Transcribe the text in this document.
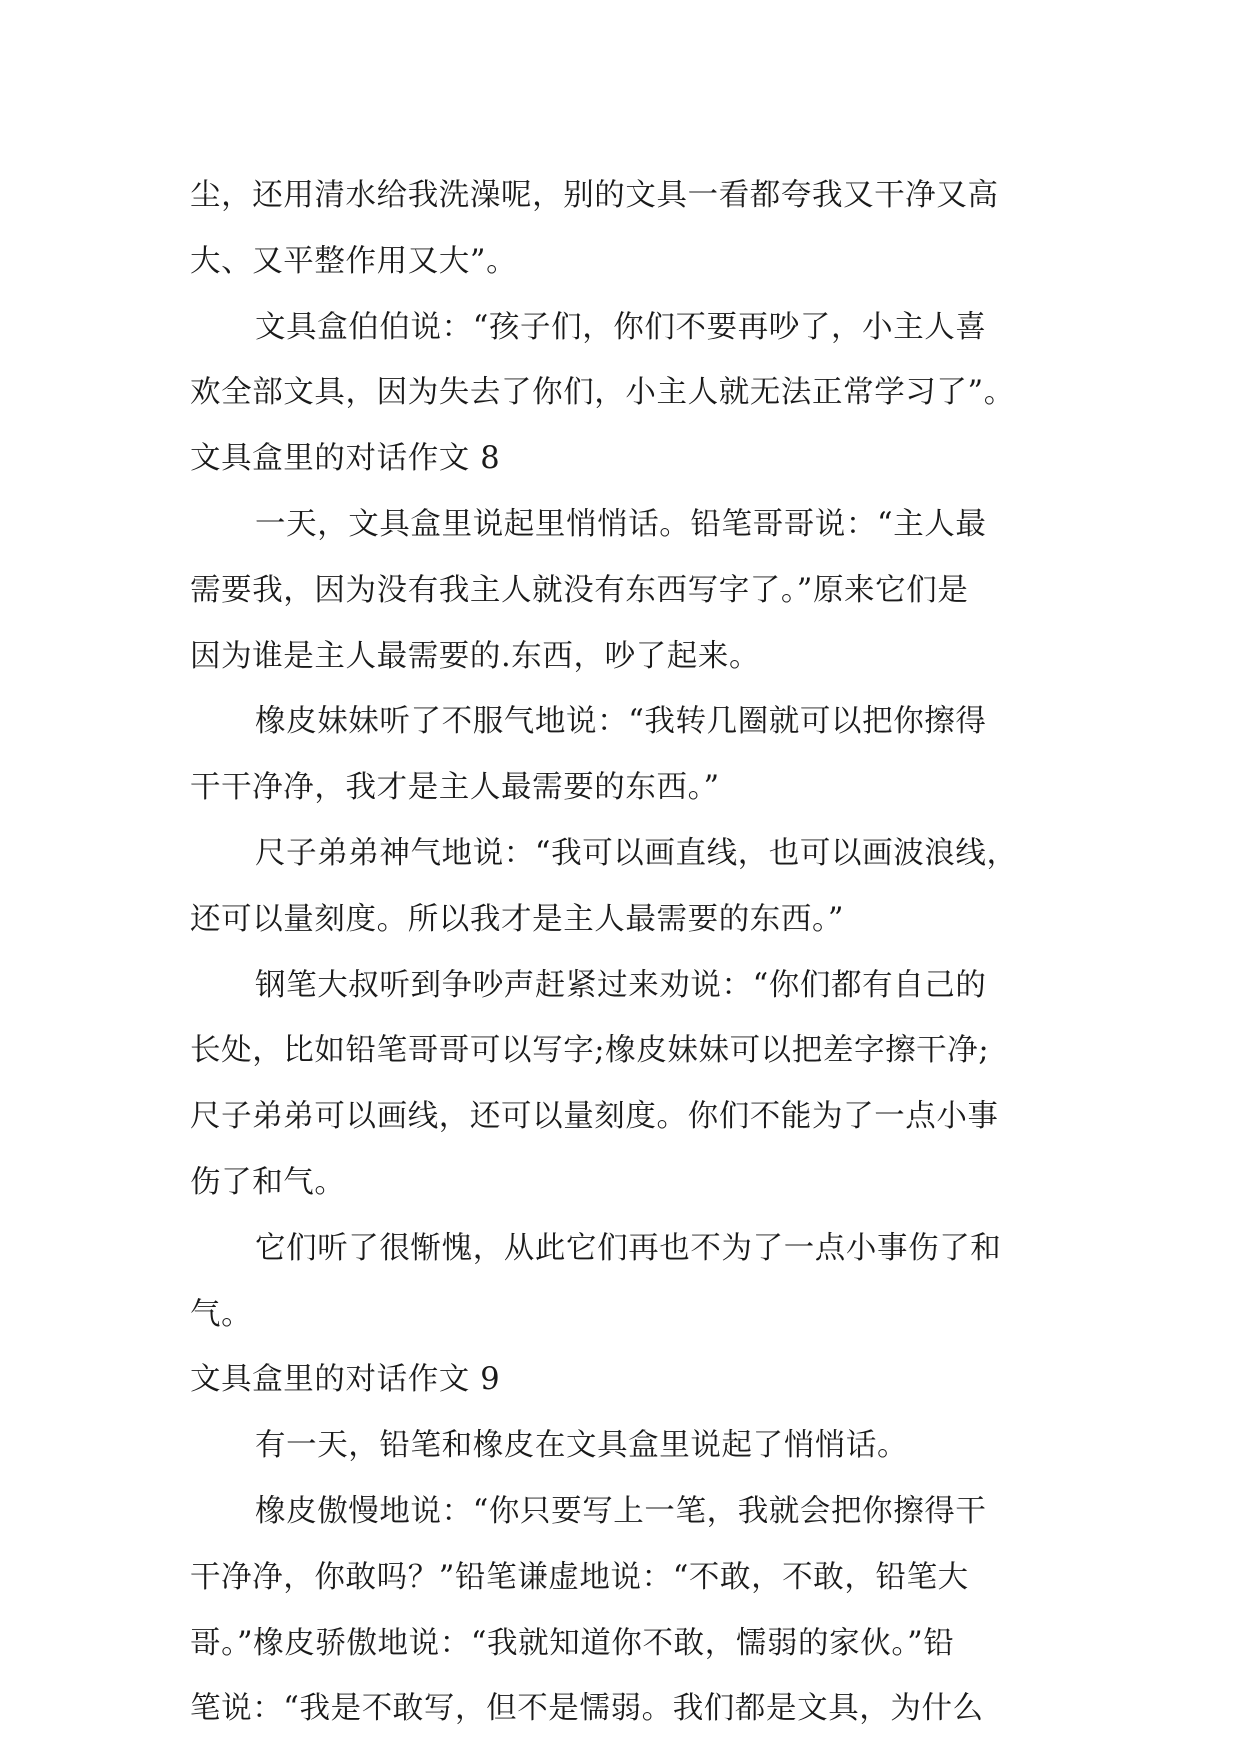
尘，还用清水给我洗澡呢，别的文具一看都夸我又干净又高
大、又平整作用又大”。
文具盒伯伯说：“孩子们，你们不要再吵了，小主人喜
欢全部文具，因为失去了你们，小主人就无法正常学习了”。
文具盒里的对话作文 8
一天，文具盒里说起里悄悄话。铅笔哥哥说：“主人最
需要我，因为没有我主人就没有东西写字了。”原来它们是
因为谁是主人最需要的.东西，吵了起来。
橡皮妹妹听了不服气地说：“我转几圈就可以把你擦得
干干净净，我才是主人最需要的东西。”
尺子弟弟神气地说：“我可以画直线，也可以画波浪线，
还可以量刻度。所以我才是主人最需要的东西。”
钢笔大叔听到争吵声赶紧过来劝说：“你们都有自己的
长处，比如铅笔哥哥可以写字;橡皮妹妹可以把差字擦干净;
尺子弟弟可以画线，还可以量刻度。你们不能为了一点小事
伤了和气。
它们听了很惭愧，从此它们再也不为了一点小事伤了和
气。
文具盒里的对话作文 9
有一天，铅笔和橡皮在文具盒里说起了悄悄话。
橡皮傲慢地说：“你只要写上一笔，我就会把你擦得干
干净净，你敢吗？”铅笔谦虚地说：“不敢，不敢，铅笔大
哥。”橡皮骄傲地说：“我就知道你不敢，懦弱的家伙。”铅
笔说：“我是不敢写，但不是懦弱。我们都是文具，为什么
